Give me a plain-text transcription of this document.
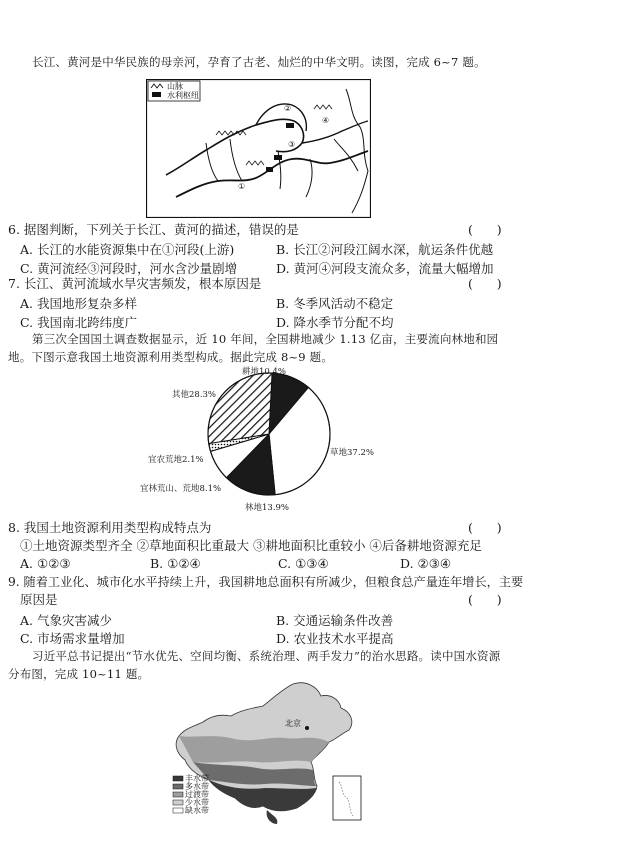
长江、黄河是中华民族的母亲河，孕育了古老、灿烂的中华文明。读图，完成 6~7 题。
山脉
水利枢纽
①
②
③
④
6. 据图判断，下列关于长江、黄河的描述，错误的是	(      )
A. 长江的水能资源集中在①河段(上游)	B. 长江②河段江阔水深，航运条件优越
C. 黄河流经③河段时，河水含沙量剧增	D. 黄河④河段支流众多，流量大幅增加
7. 长江、黄河流域水旱灾害频发，根本原因是	(      )
A. 我国地形复杂多样	B. 冬季风活动不稳定
C. 我国南北跨纬度广	D. 降水季节分配不均
第三次全国国土调查数据显示，近 10 年间，全国耕地减少 1.13 亿亩，主要流向林地和园
地。下图示意我国土地资源利用类型构成。据此完成 8~9 题。
耕地10.4%
草地37.2%
林地13.9%
宜林荒山、荒地8.1%
宜农荒地2.1%
其他28.3%
8. 我国土地资源利用类型构成特点为	(      )
①土地资源类型齐全 ②草地面积比重最大 ③耕地面积比重较小 ④后备耕地资源充足
A. ①②③	B. ①②④	C. ①③④	D. ②③④
9. 随着工业化、城市化水平持续上升，我国耕地总面积有所减少，但粮食总产量连年增长，主要
原因是	(      )
A. 气象灾害减少	B. 交通运输条件改善
C. 市场需求量增加	D. 农业技术水平提高
习近平总书记提出“节水优先、空间均衡、系统治理、两手发力”的治水思路。读中国水资源
分布图，完成 10~11 题。
北京
丰水带
多水带
过渡带
少水带
缺水带
